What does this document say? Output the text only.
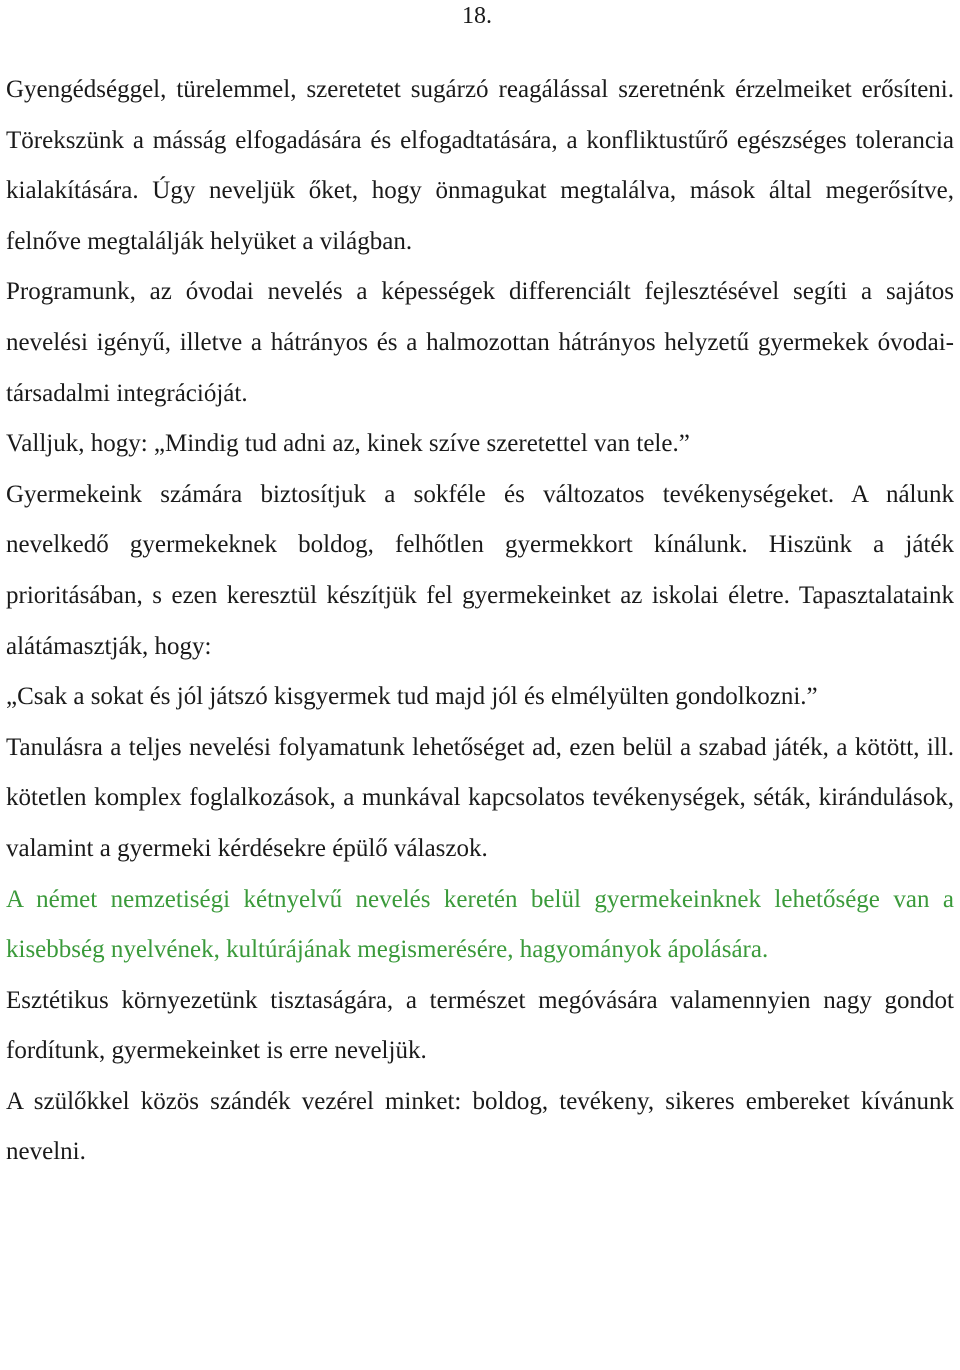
18.

Gyengédséggel, türelemmel, szeretetet sugárzó reagálással szeretnénk érzelmeiket erősíteni. Törekszünk a másság elfogadására és elfogadtatására, a konfliktustűrő egészséges tolerancia kialakítására. Úgy neveljük őket, hogy önmagukat megtalálva, mások által megerősítve, felnőve megtalálják helyüket a világban.

Programunk, az óvodai nevelés a képességek differenciált fejlesztésével segíti a sajátos nevelési igényű, illetve a hátrányos és a halmozottan hátrányos helyzetű gyermekek óvodai-társadalmi integrációját.

Valljuk, hogy: „Mindig tud adni az, kinek szíve szeretettel van tele.”

Gyermekeink számára biztosítjuk a sokféle és változatos tevékenységeket. A nálunk nevelkedő gyermekeknek boldog, felhőtlen gyermekkort kínálunk. Hiszünk a játék prioritásában, s ezen keresztül készítjük fel gyermekeinket az iskolai életre. Tapasztalataink alátámasztják, hogy:

„Csak a sokat és jól játszó kisgyermek tud majd jól és elmélyülten gondolkozni.”

Tanulásra a teljes nevelési folyamatunk lehetőséget ad, ezen belül a szabad játék, a kötött, ill. kötetlen komplex foglalkozások, a munkával kapcsolatos tevékenységek, séták, kirándulások, valamint a gyermeki kérdésekre épülő válaszok.

A német nemzetiségi kétnyelvű nevelés keretén belül gyermekeinknek lehetősége van a kisebbség nyelvének, kultúrájának megismerésére, hagyományok ápolására.

Esztétikus környezetünk tisztaságára, a természet megóvására valamennyien nagy gondot fordítunk, gyermekeinket is erre neveljük.

A szülőkkel közös szándék vezérel minket: boldog, tevékeny, sikeres embereket kívánunk nevelni.
